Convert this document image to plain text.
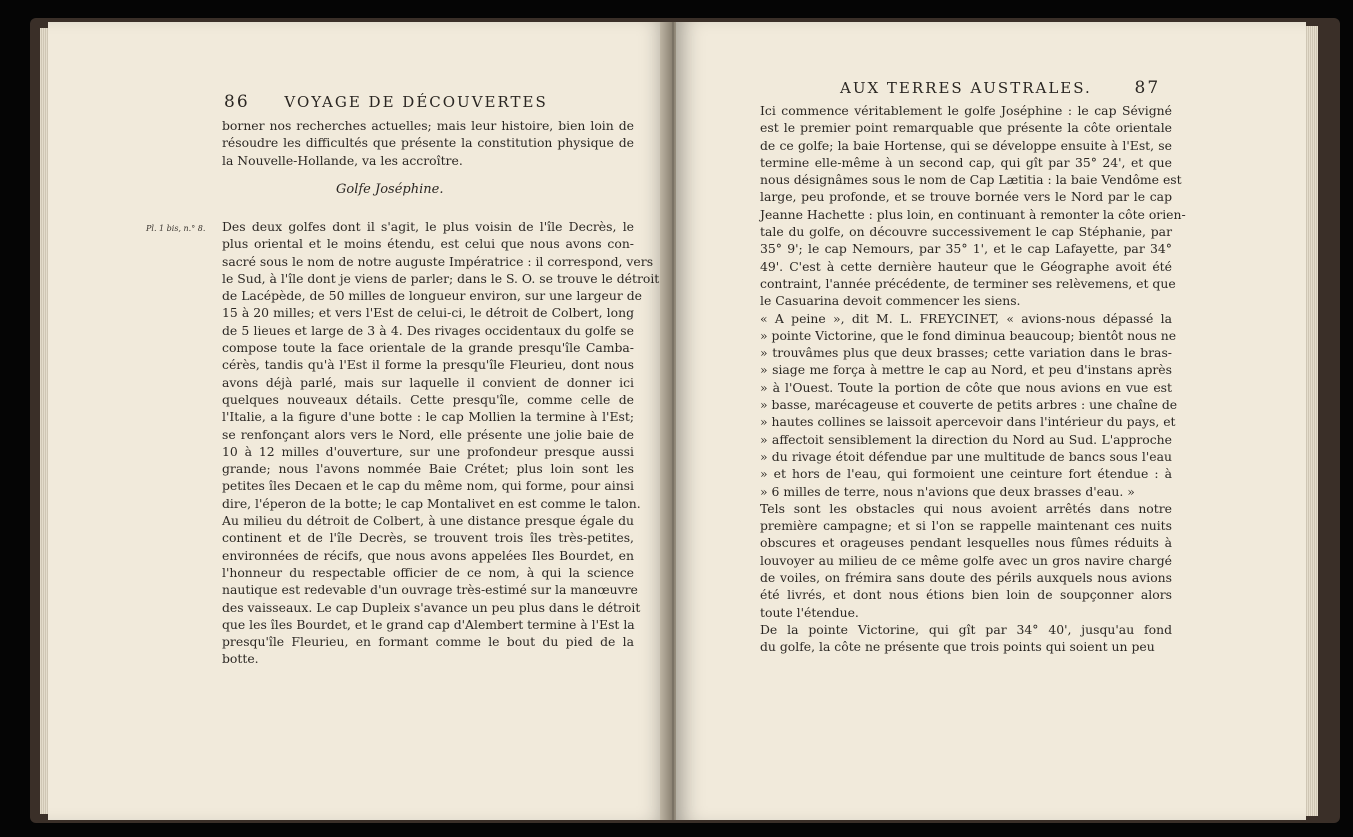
86 VOYAGE DE DÉCOUVERTES
borner nos recherches actuelles; mais leur histoire, bien loin de
résoudre les difficultés que présente la constitution physique de
la Nouvelle-Hollande, va les accroître.
Golfe Joséphine.
Pl. 1 bis, n.° 8. Des deux golfes dont il s'agit, le plus voisin de l'île Decrès, le
plus oriental et le moins étendu, est celui que nous avons con-
sacré sous le nom de notre auguste Impératrice : il correspond, vers
le Sud, à l'île dont je viens de parler; dans le S. O. se trouve le détroit
de Lacépède, de 50 milles de longueur environ, sur une largeur de
15 à 20 milles; et vers l'Est de celui-ci, le détroit de Colbert, long
de 5 lieues et large de 3 à 4. Des rivages occidentaux du golfe se
compose toute la face orientale de la grande presqu'île Camba-
cérès, tandis qu'à l'Est il forme la presqu'île Fleurieu, dont nous
avons déjà parlé, mais sur laquelle il convient de donner ici
quelques nouveaux détails. Cette presqu'île, comme celle de
l'Italie, a la figure d'une botte : le cap Mollien la termine à l'Est;
se renfonçant alors vers le Nord, elle présente une jolie baie de
10 à 12 milles d'ouverture, sur une profondeur presque aussi
grande; nous l'avons nommée Baie Crétet; plus loin sont les
petites îles Decaen et le cap du même nom, qui forme, pour ainsi
dire, l'éperon de la botte; le cap Montalivet en est comme le talon.
Au milieu du détroit de Colbert, à une distance presque égale du
continent et de l'île Decrès, se trouvent trois îles très-petites,
environnées de récifs, que nous avons appelées Iles Bourdet, en
l'honneur du respectable officier de ce nom, à qui la science
nautique est redevable d'un ouvrage très-estimé sur la manœuvre
des vaisseaux. Le cap Dupleix s'avance un peu plus dans le détroit
que les îles Bourdet, et le grand cap d'Alembert termine à l'Est la
presqu'île Fleurieu, en formant comme le bout du pied de la
botte.
AUX TERRES AUSTRALES.	87
Ici commence véritablement le golfe Joséphine : le cap Sévigné
est le premier point remarquable que présente la côte orientale
de ce golfe; la baie Hortense, qui se développe ensuite à l'Est, se
termine elle-même à un second cap, qui gît par 35° 24', et que
nous désignâmes sous le nom de Cap Lætitia : la baie Vendôme est
large, peu profonde, et se trouve bornée vers le Nord par le cap
Jeanne Hachette : plus loin, en continuant à remonter la côte orien-
tale du golfe, on découvre successivement le cap Stéphanie, par
35° 9'; le cap Nemours, par 35° 1', et le cap Lafayette, par 34°
49'. C'est à cette dernière hauteur que le Géographe avoit été
contraint, l'année précédente, de terminer ses relèvemens, et que
le Casuarina devoit commencer les siens.
« A peine », dit M. L. FREYCINET, « avions-nous dépassé la
» pointe Victorine, que le fond diminua beaucoup; bientôt nous ne
» trouvâmes plus que deux brasses; cette variation dans le bras-
» siage me força à mettre le cap au Nord, et peu d'instans après
» à l'Ouest. Toute la portion de côte que nous avions en vue est
» basse, marécageuse et couverte de petits arbres : une chaîne de
» hautes collines se laissoit apercevoir dans l'intérieur du pays, et
» affectoit sensiblement la direction du Nord au Sud. L'approche
» du rivage étoit défendue par une multitude de bancs sous l'eau
» et hors de l'eau, qui formoient une ceinture fort étendue : à
» 6 milles de terre, nous n'avions que deux brasses d'eau. »
Tels sont les obstacles qui nous avoient arrêtés dans notre
première campagne; et si l'on se rappelle maintenant ces nuits
obscures et orageuses pendant lesquelles nous fûmes réduits à
louvoyer au milieu de ce même golfe avec un gros navire chargé
de voiles, on frémira sans doute des périls auxquels nous avions
été livrés, et dont nous étions bien loin de soupçonner alors
toute l'étendue.
De la pointe Victorine, qui gît par 34° 40', jusqu'au fond
du golfe, la côte ne présente que trois points qui soient un peu
